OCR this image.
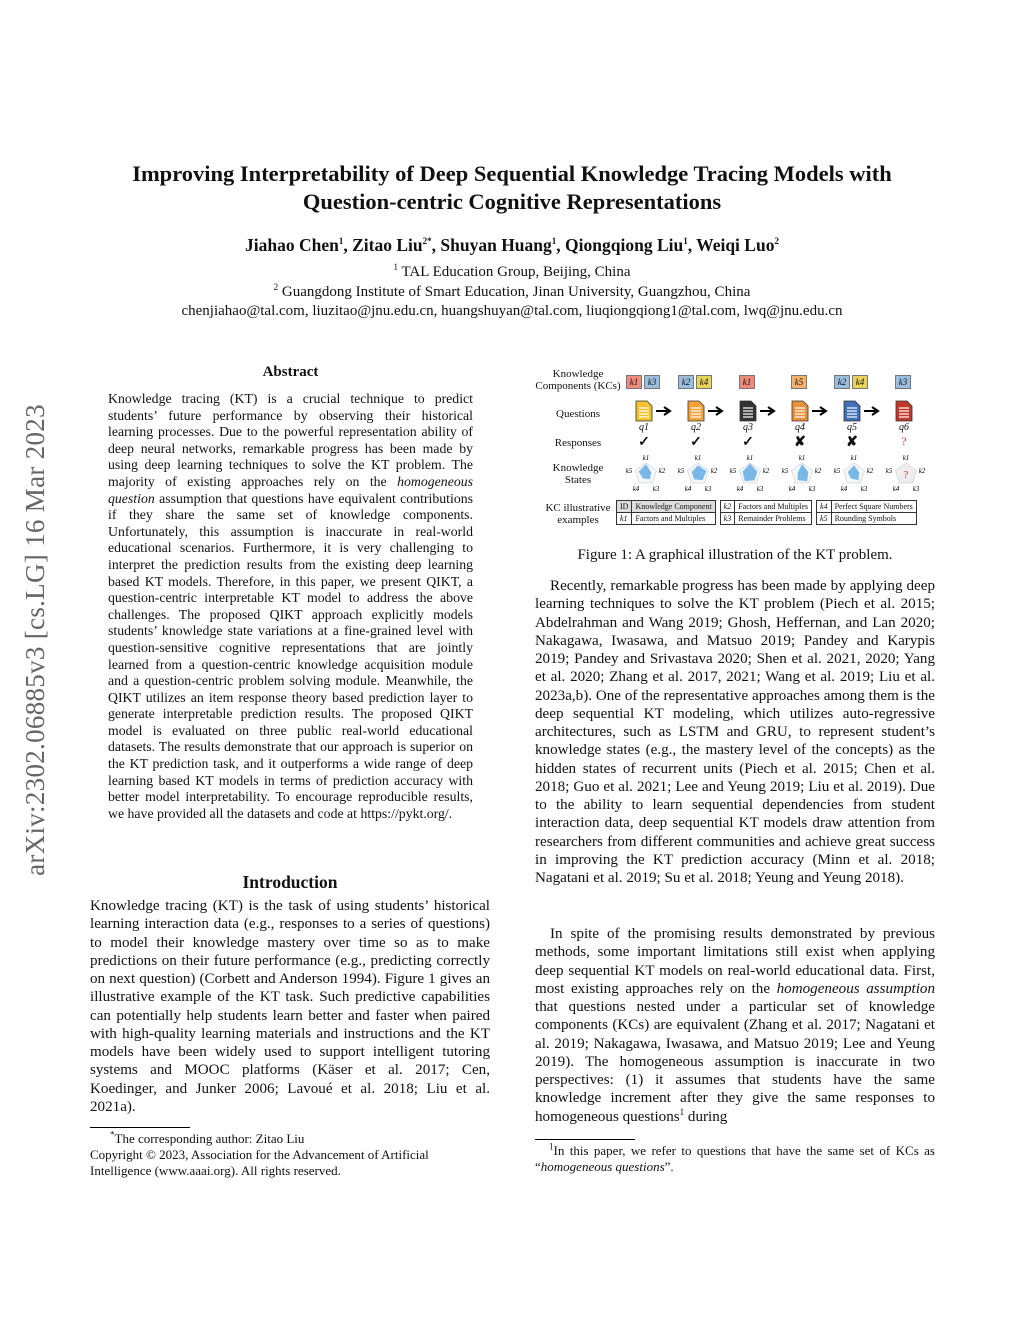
arXiv:2302.06885v3 [cs.LG] 16 Mar 2023
Improving Interpretability of Deep Sequential Knowledge Tracing Models with
Question-centric Cognitive Representations
Jiahao Chen$^1$, Zitao Liu$^{2*}$, Shuyan Huang$^1$, Qiongqiong Liu$^1$, Weiqi Luo$^2$
$^1$ TAL Education Group, Beijing, China
$^2$ Guangdong Institute of Smart Education, Jinan University, Guangzhou, China
chenjiahao@tal.com, liuzitao@jnu.edu.cn, huangshuyan@tal.com, liuqiongqiong1@tal.com, lwq@jnu.edu.cn
Abstract
Knowledge tracing (KT) is a crucial technique to predict students’ future performance by observing their historical learning processes. Due to the powerful representation ability of deep neural networks, remarkable progress has been made by using deep learning techniques to solve the KT problem. The majority of existing approaches rely on the homogeneous question assumption that questions have equivalent contributions if they share the same set of knowledge components. Unfortunately, this assumption is inaccurate in real-world educational scenarios. Furthermore, it is very challenging to interpret the prediction results from the existing deep learning based KT models. Therefore, in this paper, we present QIKT, a question-centric interpretable KT model to address the above challenges. The proposed QIKT approach explicitly models students’ knowledge state variations at a fine-grained level with question-sensitive cognitive representations that are jointly learned from a question-centric knowledge acquisition module and a question-centric problem solving module. Meanwhile, the QIKT utilizes an item response theory based prediction layer to generate interpretable prediction results. The proposed QIKT model is evaluated on three public real-world educational datasets. The results demonstrate that our approach is superior on the KT prediction task, and it outperforms a wide range of deep learning based KT models in terms of prediction accuracy with better model interpretability. To encourage reproducible results, we have provided all the datasets and code at https://pykt.org/.
Introduction
Knowledge tracing (KT) is the task of using students’ historical learning interaction data (e.g., responses to a series of questions) to model their knowledge mastery over time so as to make predictions on their future performance (e.g., predicting correctly on next question) (Corbett and Anderson 1994). Figure 1 gives an illustrative example of the KT task. Such predictive capabilities can potentially help students learn better and faster when paired with high-quality learning materials and instructions and the KT models have been widely used to support intelligent tutoring systems and MOOC platforms (Käser et al. 2017; Cen, Koedinger, and Junker 2006; Lavoué et al. 2018; Liu et al. 2021a).
*The corresponding author: Zitao Liu
Copyright © 2023, Association for the Advancement of Artificial Intelligence (www.aaai.org). All rights reserved.
Knowledge Components (KCs)
Questions
Responses
Knowledge States
KC illustrative examples
k1 k3
q1
✓
k1
k2
k3
k4
k5
k2 k4
q2
✓
k1
k2
k3
k4
k5
k1
q3
✓
k1
k2
k3
k4
k5
k5
q4
✘
k1
k2
k3
k4
k5
k2 k4
q5
✘
k1
k2
k3
k4
k5
k3
q6
?
?
k1
k2
k3
k4
k5
ID	Knowledge Component
k1	Factors and Multiples
k2	Factors and Multiples
k3	Remainder Problems
k4	Perfect Square Numbers
k5	Rounding Symbols
Figure 1: A graphical illustration of the KT problem.
Recently, remarkable progress has been made by applying deep learning techniques to solve the KT problem (Piech et al. 2015; Abdelrahman and Wang 2019; Ghosh, Heffernan, and Lan 2020; Nakagawa, Iwasawa, and Matsuo 2019; Pandey and Karypis 2019; Pandey and Srivastava 2020; Shen et al. 2021, 2020; Yang et al. 2020; Zhang et al. 2017, 2021; Wang et al. 2019; Liu et al. 2023a,b). One of the representative approaches among them is the deep sequential KT modeling, which utilizes auto-regressive architectures, such as LSTM and GRU, to represent student’s knowledge states (e.g., the mastery level of the concepts) as the hidden states of recurrent units (Piech et al. 2015; Chen et al. 2018; Guo et al. 2021; Lee and Yeung 2019; Liu et al. 2019). Due to the ability to learn sequential dependencies from student interaction data, deep sequential KT models draw attention from researchers from different communities and achieve great success in improving the KT prediction accuracy (Minn et al. 2018; Nagatani et al. 2019; Su et al. 2018; Yeung and Yeung 2018).
In spite of the promising results demonstrated by previous methods, some important limitations still exist when applying deep sequential KT models on real-world educational data. First, most existing approaches rely on the homogeneous assumption that questions nested under a particular set of knowledge components (KCs) are equivalent (Zhang et al. 2017; Nagatani et al. 2019; Nakagawa, Iwasawa, and Matsuo 2019; Lee and Yeung 2019). The homogeneous assumption is inaccurate in two perspectives: (1) it assumes that students have the same knowledge increment after they give the same responses to homogeneous questions$^1$ during
$^1$In this paper, we refer to questions that have the same set of KCs as “homogeneous questions”.
